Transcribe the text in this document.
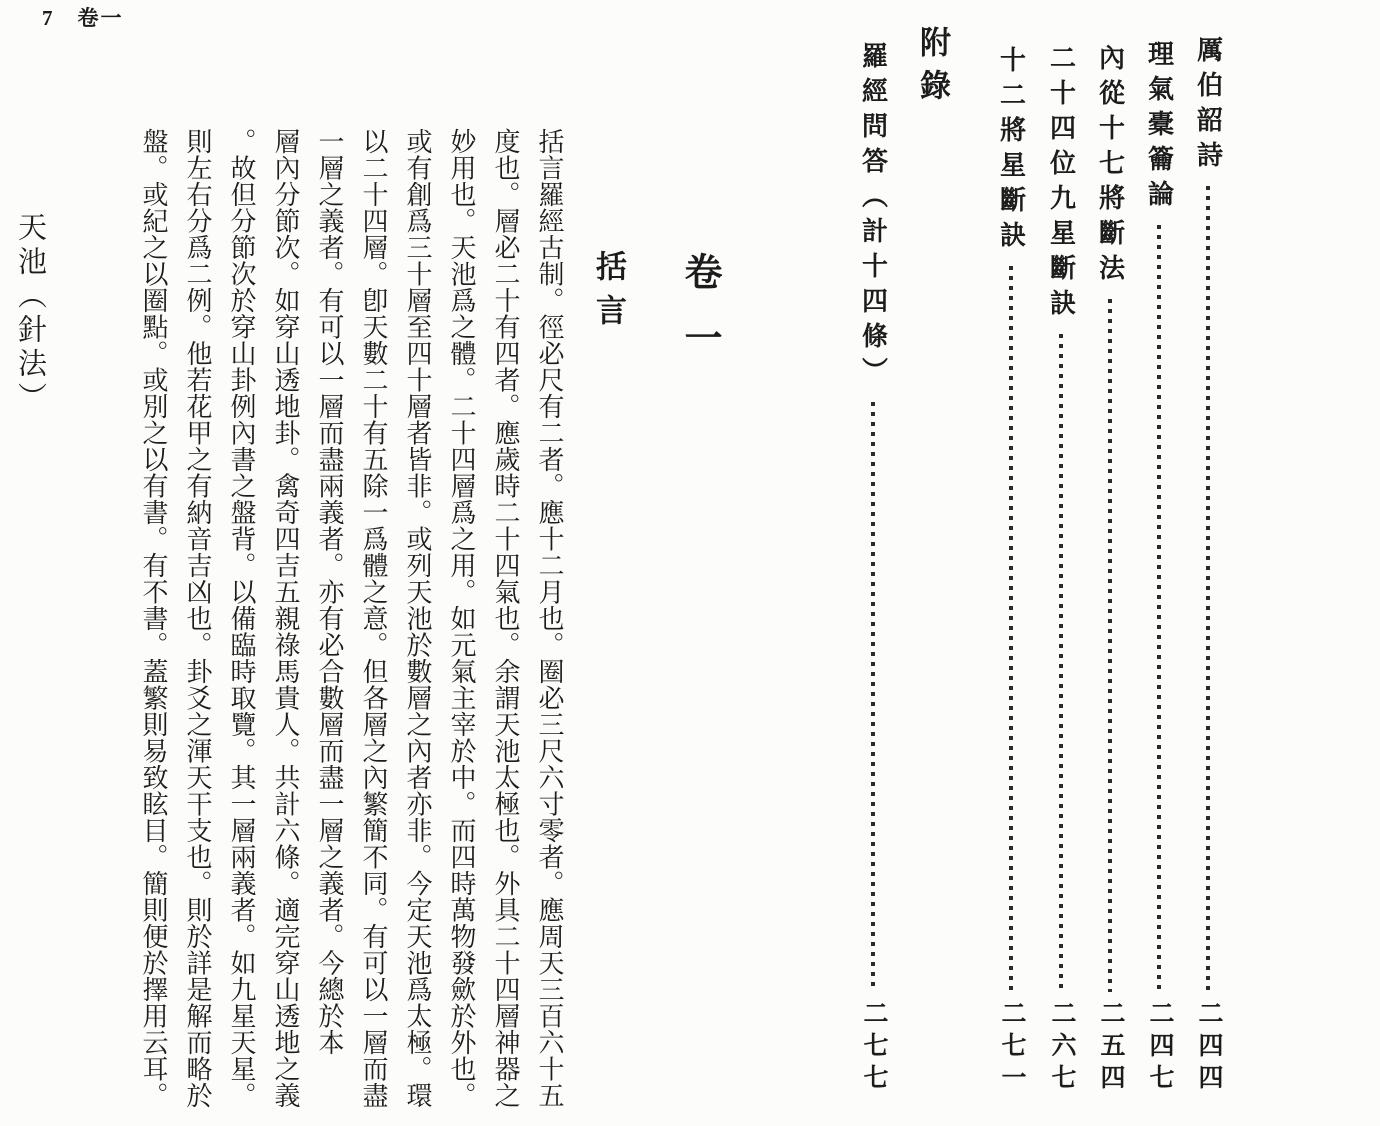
7　卷一
厲伯韶詩
二四四
理氣橐籥論
二四七
內從十七將斷法
二五四
二十四位九星斷訣
二六七
十二將星斷訣
二七一
附錄
羅經問答（計十四條）
二七七
卷一
括言
括言羅經古制。徑必尺有二者。應十二月也。圈必三尺六寸零者。應周天三百六十五
度也。層必二十有四者。應歲時二十四氣也。余謂天池太極也。外具二十四層神器之
妙用也。天池爲之體。二十四層爲之用。如元氣主宰於中。而四時萬物發歛於外也。
或有創爲三十層至四十層者皆非。或列天池於數層之內者亦非。今定天池爲太極。環
以二十四層。卽天數二十有五除一爲體之意。但各層之內繁簡不同。有可以一層而盡
一層之義者。有可以一層而盡兩義者。亦有必合數層而盡一層之義者。今總於本
層內分節次。如穿山透地卦。禽奇四吉五親祿馬貴人。共計六條。適完穿山透地之義
。故但分節次於穿山卦例內書之盤背。以備臨時取覽。其一層兩義者。如九星天星。
則左右分爲二例。他若花甲之有納音吉凶也。卦爻之渾天干支也。則於詳是解而略於
盤。或紀之以圈點。或別之以有書。有不書。蓋繁則易致眩目。簡則便於擇用云耳。
天池（針法）
